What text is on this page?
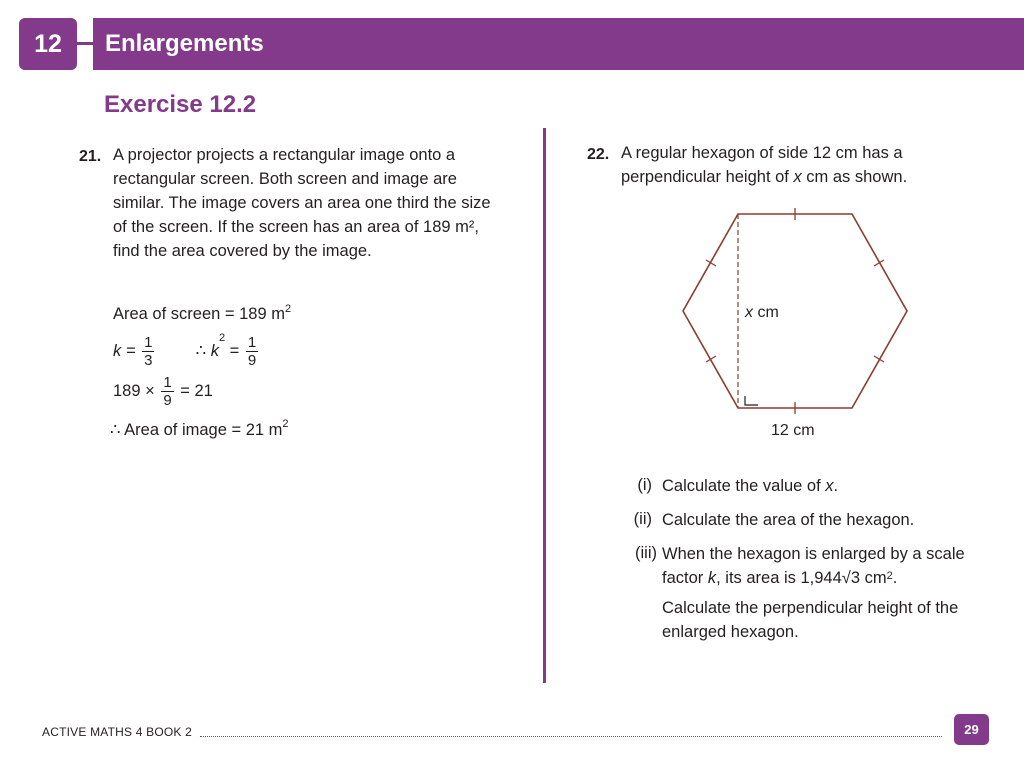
12	Enlargements
Exercise 12.2
21. A projector projects a rectangular image onto a rectangular screen. Both screen and image are similar. The image covers an area one third the size of the screen. If the screen has an area of 189 m², find the area covered by the image.
Area of screen = 189 $m^2$
$k = \frac{1}{3}$ ∴ $k^2 = \frac{1}{9}$
$189 \times \frac{1}{9} = 21$
∴ Area of image = 21 $m^2$
22. A regular hexagon of side 12 cm has a
perpendicular height of x cm as shown.
x cm
12 cm
(i) Calculate the value of x.
(ii) Calculate the area of the hexagon.
(iii) When the hexagon is enlarged by a scale
factor k, its area is 1,944√3 $cm^2$.
Calculate the perpendicular height of the
enlarged hexagon.
ACTIVE MATHS 4 BOOK 2	29
